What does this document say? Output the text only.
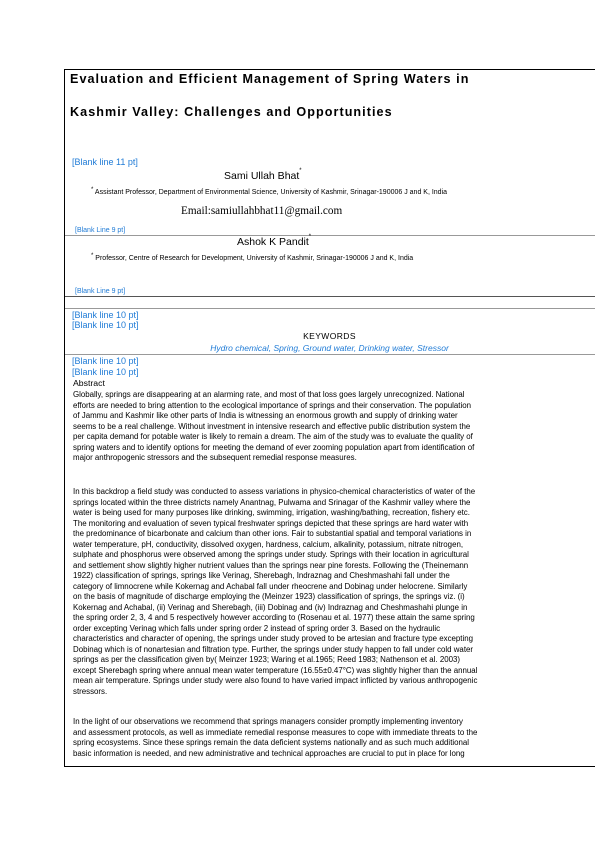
Evaluation and Efficient Management of Spring Waters in
Kashmir Valley: Challenges and Opportunities
[Blank line 11 pt]
Sami Ullah Bhat*
* Assistant Professor, Department of Environmental Science, University of Kashmir, Srinagar-190006 J and K, India
Email:samiullahbhat11@gmail.com
[Blank Line 9 pt]
Ashok K Pandit*
* Professor, Centre of Research for Development, University of Kashmir, Srinagar-190006 J and K, India
[Blank Line 9 pt]
[Blank line 10 pt]
[Blank line 10 pt]
KEYWORDS
Hydro chemical, Spring, Ground water, Drinking water, Stressor
[Blank line 10 pt]
[Blank line 10 pt]
Abstract
Globally, springs are disappearing at an alarming rate, and most of that loss goes largely unrecognized. National
efforts are needed to bring attention to the ecological importance of springs and their conservation. The population
of Jammu and Kashmir like other parts of India is witnessing an enormous growth and supply of drinking water
seems to be a real challenge. Without investment in intensive research and effective public distribution system the
per capita demand for potable water is likely to remain a dream. The aim of the study was to evaluate the quality of
spring waters and to identify options for meeting the demand of ever zooming population apart from identification of
major anthropogenic stressors and the subsequent remedial response measures.
In this backdrop a field study was conducted to assess variations in physico-chemical characteristics of water of the
springs located within the three districts namely Anantnag, Pulwama and Srinagar of the Kashmir valley where the
water is being used for many purposes like drinking, swimming, irrigation, washing/bathing, recreation, fishery etc.
The monitoring and evaluation of seven typical freshwater springs depicted that these springs are hard water with
the predominance of bicarbonate and calcium than other ions. Fair to substantial spatial and temporal variations in
water temperature, pH, conductivity, dissolved oxygen, hardness, calcium, alkalinity, potassium, nitrate nitrogen,
sulphate and phosphorus were observed among the springs under study. Springs with their location in agricultural
and settlement show slightly higher nutrient values than the springs near pine forests. Following the (Theinemann
1922) classification of springs, springs like Verinag, Sherebagh, Indraznag and Cheshmashahi fall under the
category of limnocrene while Kokernag and Achabal fall under rheocrene and Dobinag under helocrene. Similarly
on the basis of magnitude of discharge employing the (Meinzer 1923) classification of springs, the springs viz. (i)
Kokernag and Achabal, (ii) Verinag and Sherebagh, (iii) Dobinag and (iv) Indraznag and Cheshmashahi plunge in
the spring order 2, 3, 4 and 5 respectively however according to (Rosenau et al. 1977) these attain the same spring
order excepting Verinag which falls under spring order 2 instead of spring order 3. Based on the hydraulic
characteristics and character of opening, the springs under study proved to be artesian and fracture type excepting
Dobinag which is of nonartesian and filtration type. Further, the springs under study happen to fall under cold water
springs as per the classification given by( Meinzer 1923; Waring et al.1965; Reed 1983; Nathenson et al. 2003)
except Sherebagh spring where annual mean water temperature (16.55±0.47°C) was slightly higher than the annual
mean air temperature. Springs under study were also found to have varied impact inflicted by various anthropogenic
stressors.
In the light of our observations we recommend that springs managers consider promptly implementing inventory
and assessment protocols, as well as immediate remedial response measures to cope with immediate threats to the
spring ecosystems. Since these springs remain the data deficient systems nationally and as such much additional
basic information is needed, and new administrative and technical approaches are crucial to put in place for long
